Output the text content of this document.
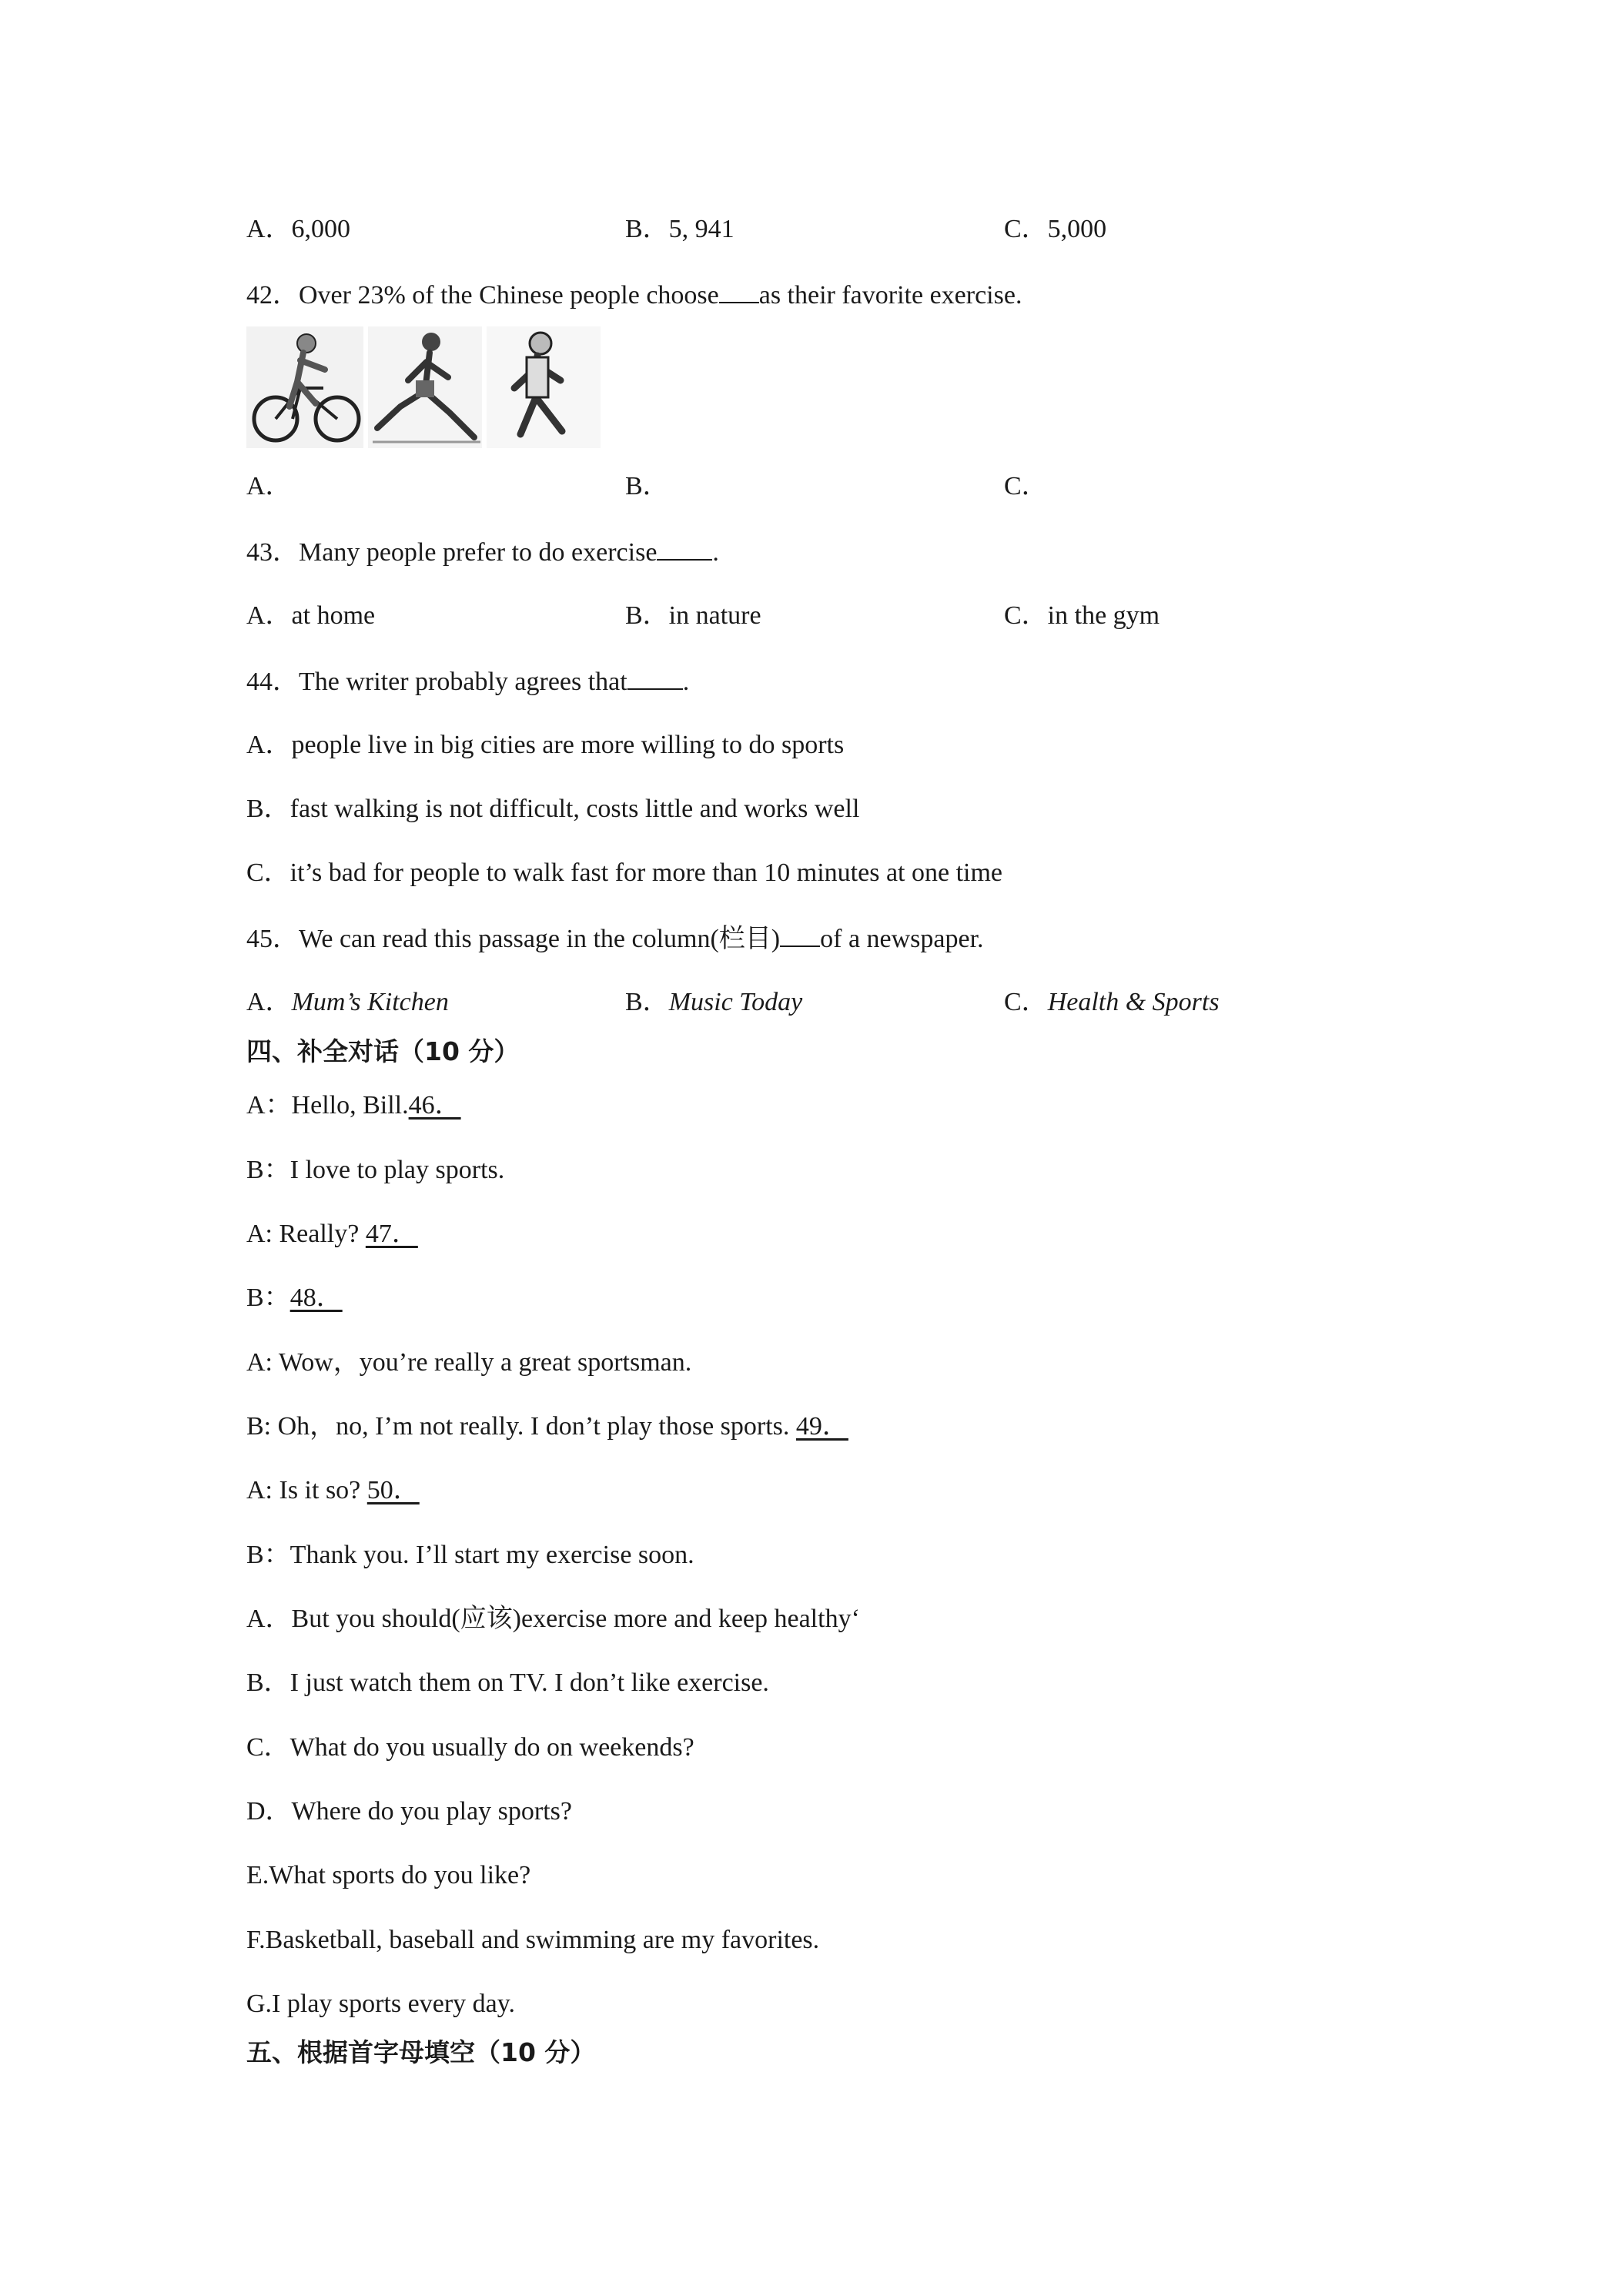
A．6,000	B．5, 941	C．5,000
42．Over 23% of the Chinese people choose as their favorite exercise.
A．	B．	C．
43．Many people prefer to do exercise .
A．at home	B．in nature	C．in the gym
44．The writer probably agrees that .
A．people live in big cities are more willing to do sports
B．fast walking is not difficult, costs little and works well
C．it’s bad for people to walk fast for more than 10 minutes at one time
45．We can read this passage in the column(栏目) of a newspaper.
A．Mum’s Kitchen	B．Music Today	C．Health & Sports
四、补全对话（10 分）
A：Hello, Bill.46．
B：I love to play sports.
A: Really? 47．
B：48．
A: Wow，you’re really a great sportsman.
B: Oh，no, I’m not really. I don’t play those sports. 49．
A: Is it so? 50．
B：Thank you. I’ll start my exercise soon.
A．But you should(应该)exercise more and keep healthy‘
B．I just watch them on TV. I don’t like exercise.
C．What do you usually do on weekends?
D．Where do you play sports?
E.What sports do you like?
F.Basketball, baseball and swimming are my favorites.
G.I play sports every day.
五、根据首字母填空（10 分）
